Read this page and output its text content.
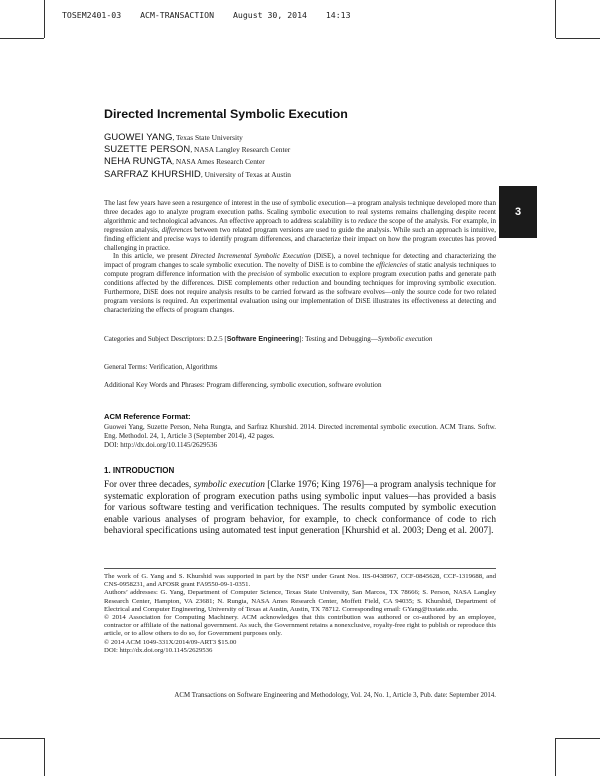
TOSEM2401-03 ACM-TRANSACTION August 30, 2014 14:13
3
Directed Incremental Symbolic Execution
GUOWEI YANG, Texas State University
SUZETTE PERSON, NASA Langley Research Center
NEHA RUNGTA, NASA Ames Research Center
SARFRAZ KHURSHID, University of Texas at Austin

The last few years have seen a resurgence of interest in the use of symbolic execution—a program analysis technique developed more than three decades ago to analyze program execution paths. Scaling symbolic execution to real systems remains challenging despite recent algorithmic and technological advances. An effective approach to address scalability is to reduce the scope of the analysis. For example, in regression analysis, differences between two related program versions are used to guide the analysis. While such an approach is intuitive, finding efficient and precise ways to identify program differences, and characterize their impact on how the program executes has proved challenging in practice.

In this article, we present Directed Incremental Symbolic Execution (DiSE), a novel technique for detecting and characterizing the impact of program changes to scale symbolic execution. The novelty of DiSE is to combine the efficiencies of static analysis techniques to compute program difference information with the precision of symbolic execution to explore program execution paths and generate path conditions affected by the differences. DiSE complements other reduction and bounding techniques for improving symbolic execution. Furthermore, DiSE does not require analysis results to be carried forward as the software evolves—only the source code for two related program versions is required. An experimental evaluation using our implementation of DiSE illustrates its effectiveness at detecting and characterizing the effects of program changes.

Categories and Subject Descriptors: D.2.5 [Software Engineering]: Testing and Debugging—Symbolic execution
General Terms: Verification, Algorithms
Additional Key Words and Phrases: Program differencing, symbolic execution, software evolution
ACM Reference Format:
Guowei Yang, Suzette Person, Neha Rungta, and Sarfraz Khurshid. 2014. Directed incremental symbolic execution. ACM Trans. Softw. Eng. Methodol. 24, 1, Article 3 (September 2014), 42 pages.
DOI: http://dx.doi.org/10.1145/2629536
1. INTRODUCTION
For over three decades, symbolic execution [Clarke 1976; King 1976]—a program analysis technique for systematic exploration of program execution paths using symbolic input values—has provided a basis for various software testing and verification techniques. The results computed by symbolic execution enable various analyses of program behavior, for example, to check conformance of code to rich behavioral specifications using automated test input generation [Khurshid et al. 2003; Deng et al. 2007].

The work of G. Yang and S. Khurshid was supported in part by the NSF under Grant Nos. IIS-0438967, CCF-0845628, CCF-1319688, and CNS-0958231, and AFOSR grant FA9550-09-1-0351.

Authors’ addresses: G. Yang, Department of Computer Science, Texas State University, San Marcos, TX 78666; S. Person, NASA Langley Research Center, Hampton, VA 23681; N. Rungta, NASA Ames Research Center, Moffett Field, CA 94035; S. Khurshid, Department of Electrical and Computer Engineering, University of Texas at Austin, Austin, TX 78712. Corresponding email: GYang@txstate.edu.

© 2014 Association for Computing Machinery. ACM acknowledges that this contribution was authored or co-authored by an employee, contractor or affiliate of the national government. As such, the Government retains a nonexclusive, royalty-free right to publish or reproduce this article, or to allow others to do so, for Government purposes only.

© 2014 ACM 1049-331X/2014/09-ART3 $15.00

DOI: http://dx.doi.org/10.1145/2629536

ACM Transactions on Software Engineering and Methodology, Vol. 24, No. 1, Article 3, Pub. date: September 2014.
